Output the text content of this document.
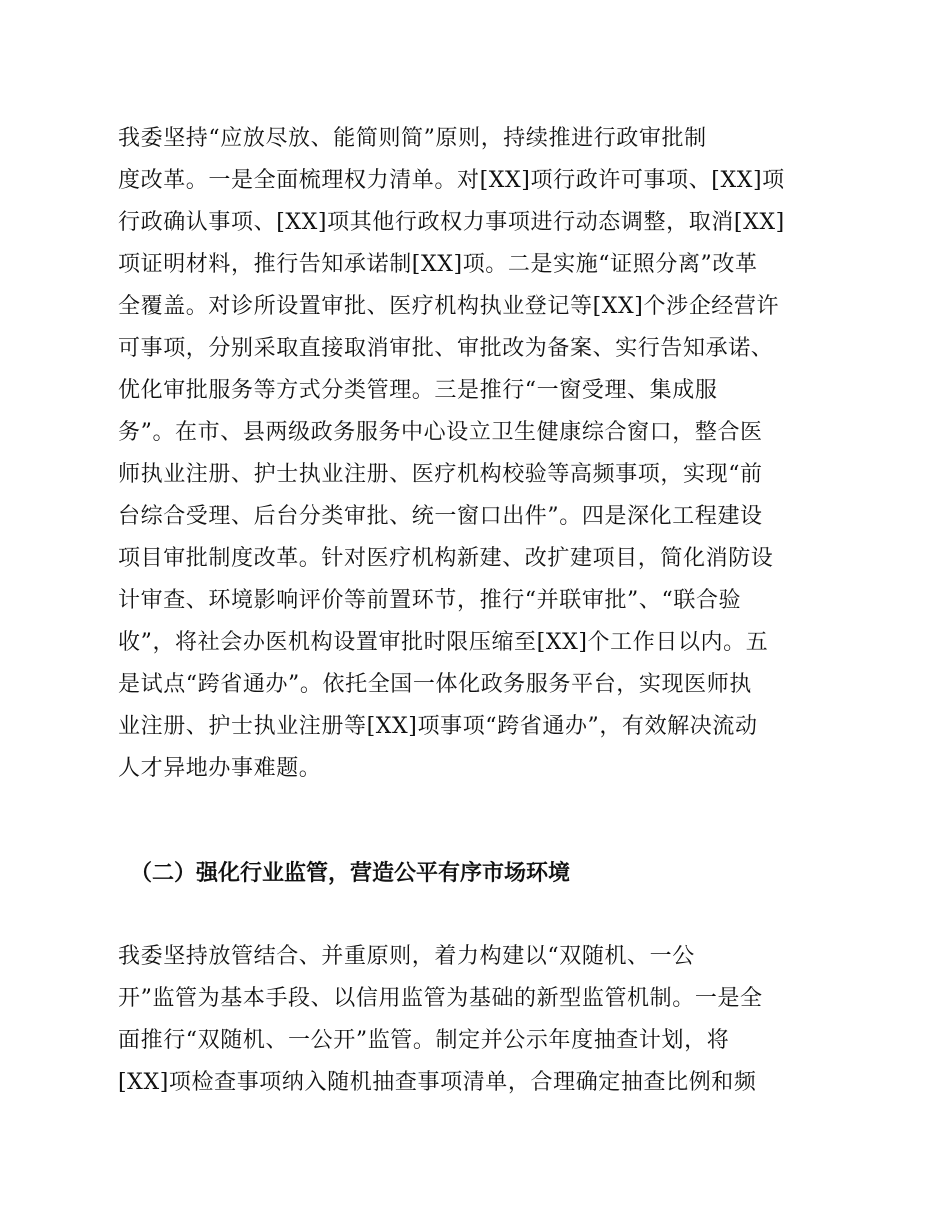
我委坚持“应放尽放、能简则简”原则，持续推进行政审批制
度改革。一是全面梳理权力清单。对[XX]项行政许可事项、[XX]项
行政确认事项、[XX]项其他行政权力事项进行动态调整，取消[XX]
项证明材料，推行告知承诺制[XX]项。二是实施“证照分离”改革
全覆盖。对诊所设置审批、医疗机构执业登记等[XX]个涉企经营许
可事项，分别采取直接取消审批、审批改为备案、实行告知承诺、
优化审批服务等方式分类管理。三是推行“一窗受理、集成服
务”。在市、县两级政务服务中心设立卫生健康综合窗口，整合医
师执业注册、护士执业注册、医疗机构校验等高频事项，实现“前
台综合受理、后台分类审批、统一窗口出件”。四是深化工程建设
项目审批制度改革。针对医疗机构新建、改扩建项目，简化消防设
计审查、环境影响评价等前置环节，推行“并联审批”、“联合验
收”，将社会办医机构设置审批时限压缩至[XX]个工作日以内。五
是试点“跨省通办”。依托全国一体化政务服务平台，实现医师执
业注册、护士执业注册等[XX]项事项“跨省通办”，有效解决流动
人才异地办事难题。
（二）强化行业监管，营造公平有序市场环境
我委坚持放管结合、并重原则，着力构建以“双随机、一公
开”监管为基本手段、以信用监管为基础的新型监管机制。一是全
面推行“双随机、一公开”监管。制定并公示年度抽查计划，将
[XX]项检查事项纳入随机抽查事项清单，合理确定抽查比例和频
